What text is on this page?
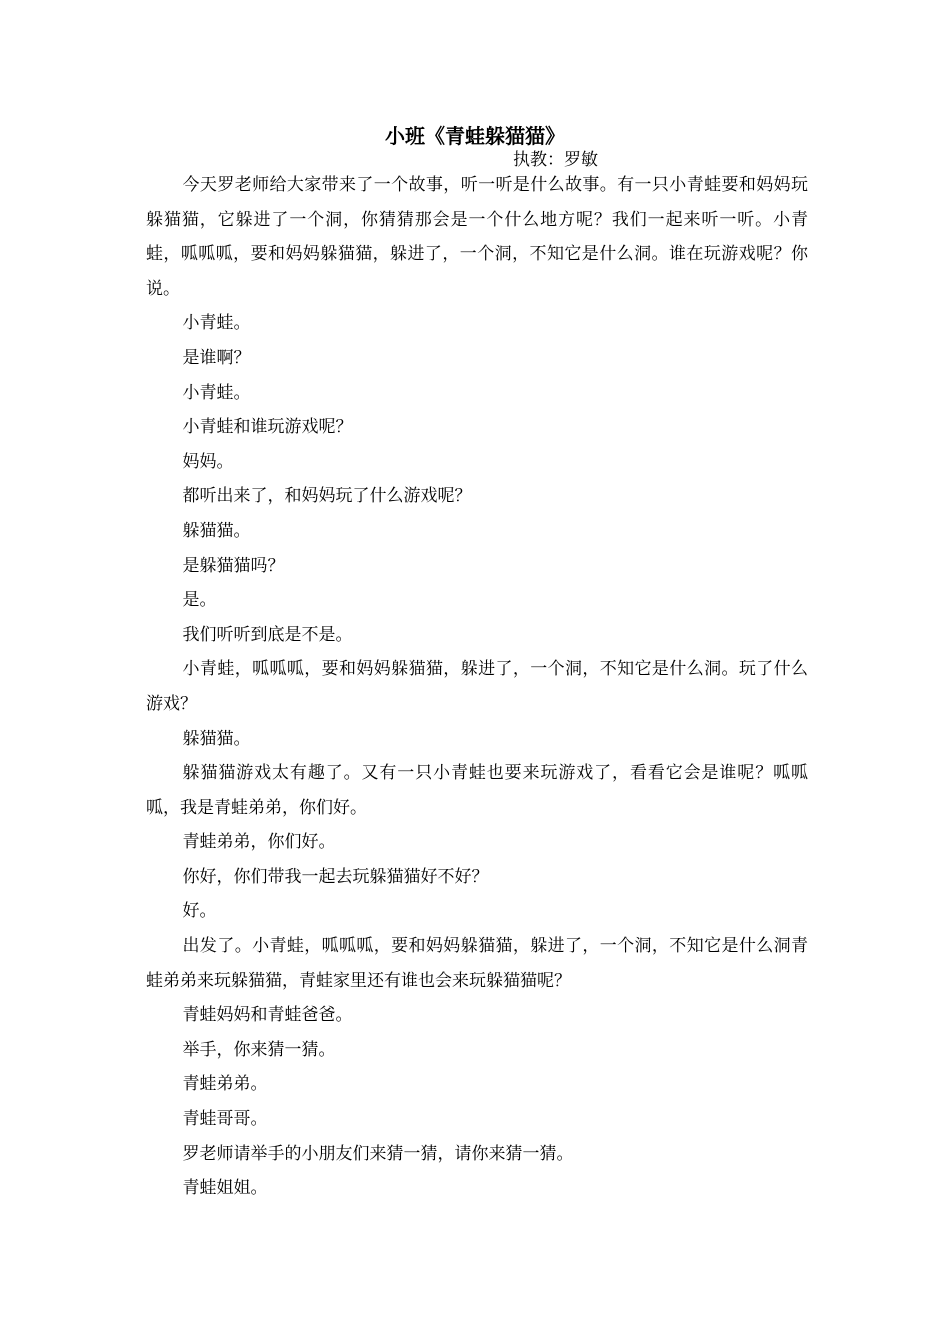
小班《青蛙躲猫猫》
执教：罗敏

今天罗老师给大家带来了一个故事，听一听是什么故事。有一只小青蛙要和妈妈玩躲猫猫，它躲进了一个洞，你猜猜那会是一个什么地方呢？我们一起来听一听。小青蛙，呱呱呱，要和妈妈躲猫猫，躲进了，一个洞，不知它是什么洞。谁在玩游戏呢？你说。

小青蛙。

是谁啊？

小青蛙。

小青蛙和谁玩游戏呢？

妈妈。

都听出来了，和妈妈玩了什么游戏呢？

躲猫猫。

是躲猫猫吗？

是。

我们听听到底是不是。

小青蛙，呱呱呱，要和妈妈躲猫猫，躲进了，一个洞，不知它是什么洞。玩了什么游戏？

躲猫猫。

躲猫猫游戏太有趣了。又有一只小青蛙也要来玩游戏了，看看它会是谁呢？呱呱呱，我是青蛙弟弟，你们好。

青蛙弟弟，你们好。

你好，你们带我一起去玩躲猫猫好不好？

好。

出发了。小青蛙，呱呱呱，要和妈妈躲猫猫，躲进了，一个洞，不知它是什么洞青蛙弟弟来玩躲猫猫，青蛙家里还有谁也会来玩躲猫猫呢？

青蛙妈妈和青蛙爸爸。

举手，你来猜一猜。

青蛙弟弟。

青蛙哥哥。

罗老师请举手的小朋友们来猜一猜，请你来猜一猜。

青蛙姐姐。
